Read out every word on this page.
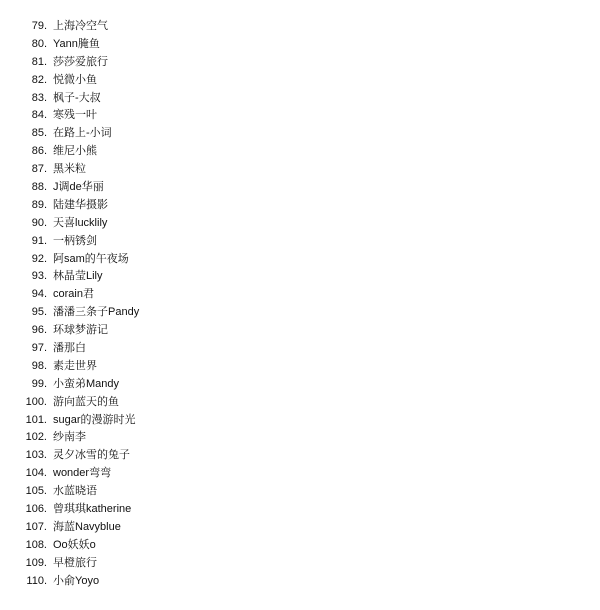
79. 上海冷空气
80. Yann腌鱼
81. 莎莎爱旅行
82. 悦微小鱼
83. 枫子-大叔
84. 寒残一叶
85. 在路上-小词
86. 维尼小熊
87. 黑米粒
88. J调de华丽
89. 陆建华摄影
90. 天喜lucklily
91. 一柄锈剑
92. 阿sam的午夜场
93. 林晶莹Lily
94. corain君
95. 潘潘三条子Pandy
96. 环球梦游记
97. 潘那白
98. 素走世界
99. 小蛮弟Mandy
100. 游向蓝天的鱼
101. sugar的漫游时光
102. 纱南李
103. 灵夕冰雪的兔子
104. wonder弯弯
105. 水蓝晓语
106. 曾琪琪katherine
107. 海蓝Navyblue
108. Oo妖妖o
109. 早橙旅行
110. 小俞Yoyo
